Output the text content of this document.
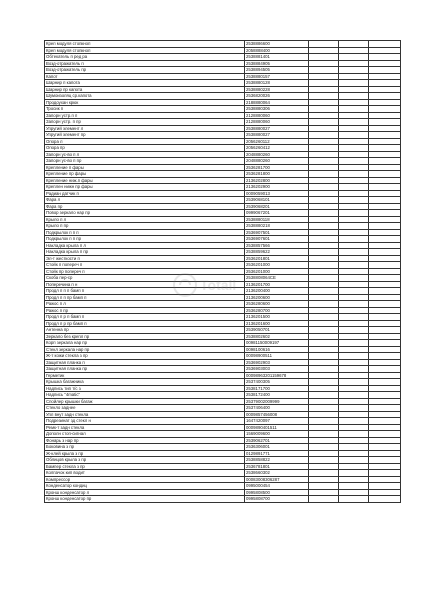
Креп модуля стопкноп	2538886600			
Креп модуля стопкноп	2058888400			
Обтекатель п ред ра	2538881401			
Возд-отражатель п	2538884905			
Возд-отражатель пр	2538894505			
Капот	2538880157			
Шарнир п капота	2538880128			
Шарнир пр капота	2538880228			
Шумоизоляц ср.капота	2536820026			
Продоухан крюк	2188880064			
Тросик п	2538880306			
Запорн устр.п п	2128880060			
Запорн устр. п пр	2128880060			
Упругий элемент л	2538880027			
Упругий элемент пр	2538880027			
Опора л	2056260112			
Опора пр	2056260412			
Запорн ус-во п л	2048880260			
Запорн ус-во п пр	2048880260			
Крепление п фары	2536281700			
Крепление пр фары	2536281800			
Крепление ниж.п фары	2136202800			
Креплен нижн пр фары	2136202900			
Радиан датчик п	0009059013			
Фара л	2539068101			
Фара пр	2539068201			
Повор зеркало нар пр	0999067201			
Крыло п л	2538880118			
Крыло п пр	2538880218			
Подкрылок п п п	2536907501			
Подкрылок п п пр	2536907601			
Накладка крыла п л	2538857566			
Накладка крыла п пр	2538859622			
Эл-т жесткости п	2536201801			
Стойк п попереч п	2536201000			
Стойк пр попереч п	2536201000			
Скоба пер-ср	2538808064CE			
Поперечина п н	2136201700			
Продл п п п бамп п	2136200400			
Продл п п пр бамп п	2136200600			
Ражос п л	2536280600			
Ражос п пр	2536280700			
Продл п р п бамп п	2136201500			
Продл п р пр бамп п	2136201600			
Антенна пр	2539050701			
Зеркало без крепл пр	2538802602			
Корп зеркала нар пр	00981150009197			
Стекл зеркала нар пр	0098100616			
Ж-т кожи стекла з пр	00098900511			
Защитная планка п	2536902903			
Защитная планка пр	2536903003			
Герметик	00098963201159678			
Крышка багажника	2537400305			
Надпись тип т/с з	2538171700			
Надпись "4matic"	2538172400			
Спойлер крышки багаж	25379002009999			
Стекло заднее	2537406400			
Упл внут задн стекла	0009857456008			
Подрезинат зд стекл н	1647420097			
Ремк-т задн стекла	0009890401511			
Дополн стоп-сигнал	1569009600			
Фонарь з нар пр	2539062701			
Боковина з пр	2536306001			
Ж-клей крыла з пр	0129891771			
Облицов крыла з пр	2538858822			
Бампер стекла з пр	2536781801			
Колпачок кип водит	2538660302			
Компрессор	00083008306287			
Конденсатор кондиц	0995000454			
Кронш конденсатор л	0995808500			
Кронш конденсатор пр	0995808700			
Totall
